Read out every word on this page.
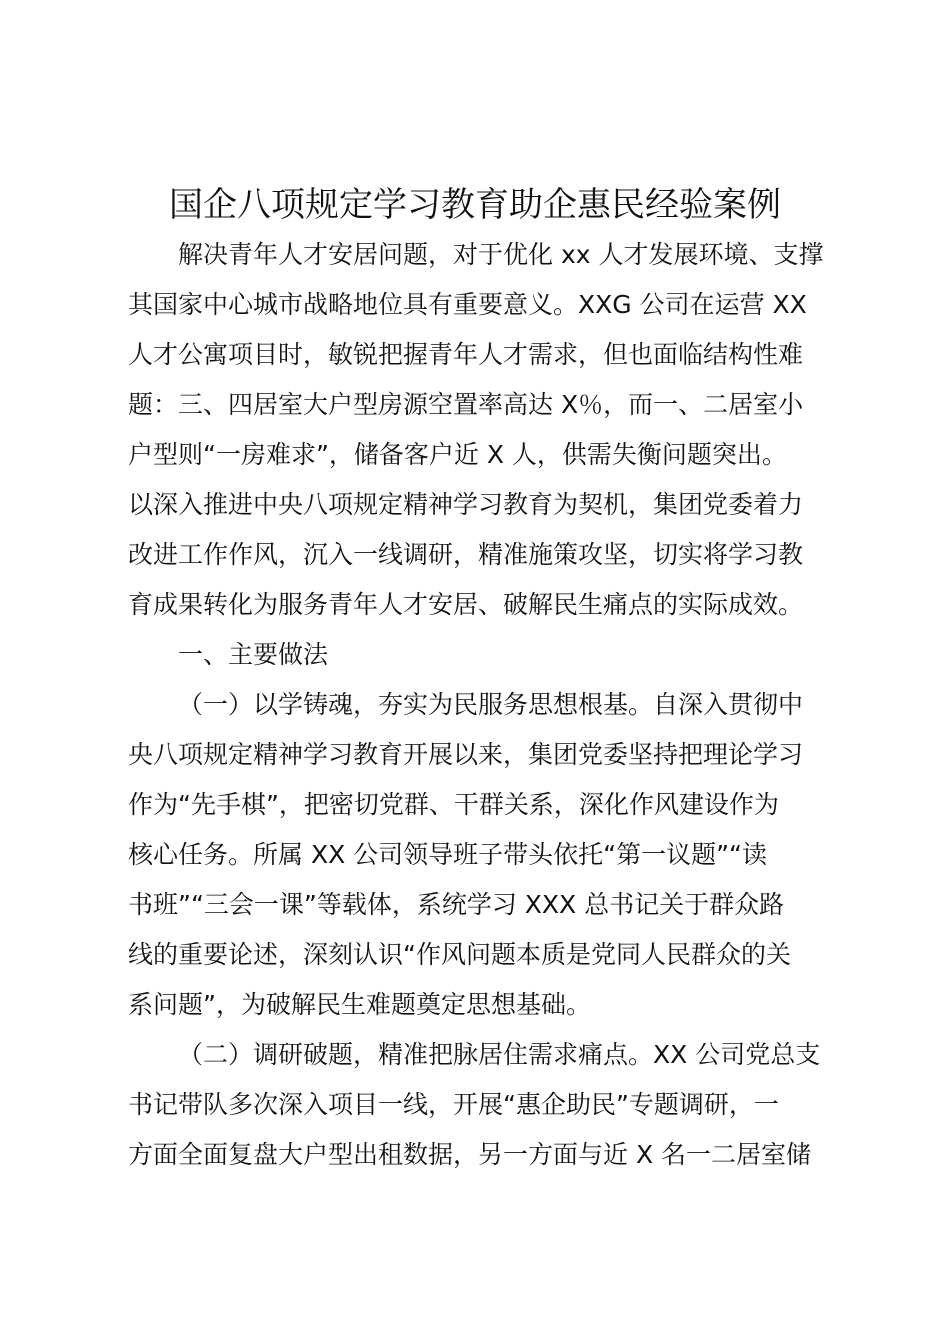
国企八项规定学习教育助企惠民经验案例
解决青年人才安居问题，对于优化 xx 人才发展环境、支撑
其国家中心城市战略地位具有重要意义。XXG 公司在运营 XX
人才公寓项目时，敏锐把握青年人才需求，但也面临结构性难
题：三、四居室大户型房源空置率高达 X％，而一、二居室小
户型则“一房难求”，储备客户近 X 人，供需失衡问题突出。
以深入推进中央八项规定精神学习教育为契机，集团党委着力
改进工作作风，沉入一线调研，精准施策攻坚，切实将学习教
育成果转化为服务青年人才安居、破解民生痛点的实际成效。
一、主要做法
（一）以学铸魂，夯实为民服务思想根基。自深入贯彻中
央八项规定精神学习教育开展以来，集团党委坚持把理论学习
作为“先手棋”，把密切党群、干群关系，深化作风建设作为
核心任务。所属 XX 公司领导班子带头依托“第一议题”“读
书班”“三会一课”等载体，系统学习 XXX 总书记关于群众路
线的重要论述，深刻认识“作风问题本质是党同人民群众的关
系问题”，为破解民生难题奠定思想基础。
（二）调研破题，精准把脉居住需求痛点。XX 公司党总支
书记带队多次深入项目一线，开展“惠企助民”专题调研，一
方面全面复盘大户型出租数据，另一方面与近 X 名一二居室储
